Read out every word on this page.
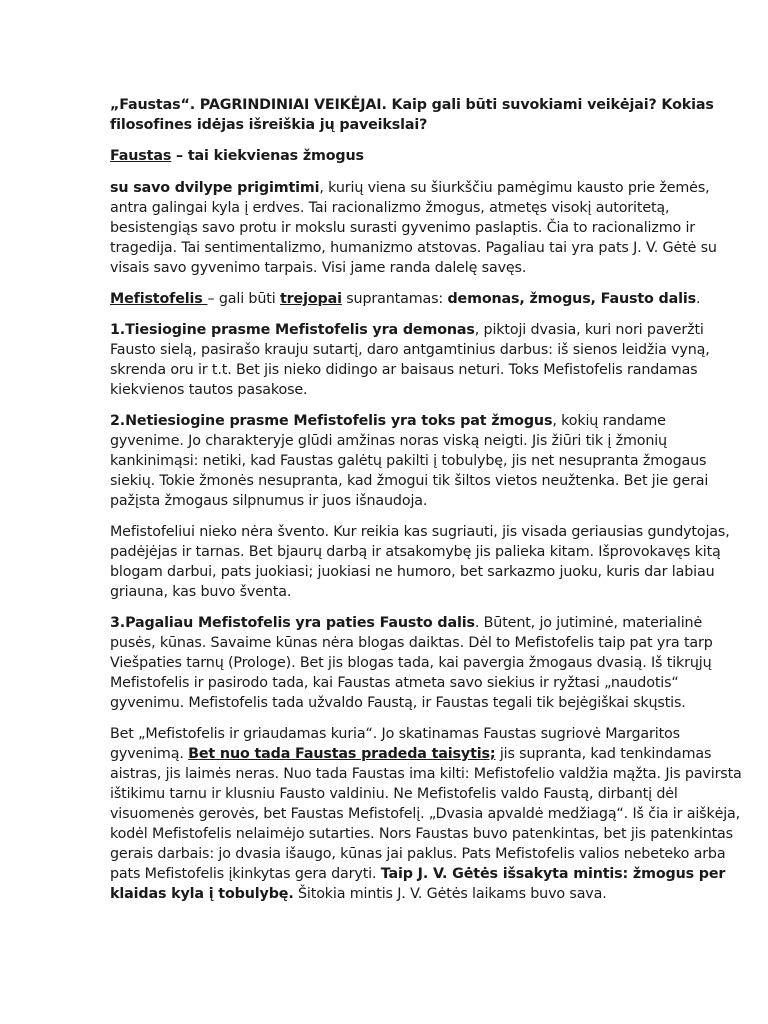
„Faustas“. PAGRINDINIAI VEIKĖJAI. Kaip gali būti suvokiami veikėjai? Kokias filosofines idėjas išreiškia jų paveikslai?

Faustas – tai kiekvienas žmogus

su savo dvilype prigimtimi, kurių viena su šiurkščiu pamėgimu kausto prie žemės, antra galingai kyla į erdves. Tai racionalizmo žmogus, atmetęs visokį autoritetą, besistengiąs savo protu ir mokslu surasti gyvenimo paslaptis. Čia to racionalizmo ir tragedija. Tai sentimentalizmo, humanizmo atstovas. Pagaliau tai yra pats J. V. Gėtė su visais savo gyvenimo tarpais. Visi jame randa dalelę savęs.

Mefistofelis – gali būti trejopai suprantamas: demonas, žmogus, Fausto dalis.

1.Tiesiogine prasme Mefistofelis yra demonas, piktoji dvasia, kuri nori paveržti Fausto sielą, pasirašo krauju sutartį, daro antgamtinius darbus: iš sienos leidžia vyną, skrenda oru ir t.t. Bet jis nieko didingo ar baisaus neturi. Toks Mefistofelis randamas kiekvienos tautos pasakose.

2.Netiesiogine prasme Mefistofelis yra toks pat žmogus, kokių randame gyvenime. Jo charakteryje glūdi amžinas noras viską neigti. Jis žiūri tik į žmonių kankinimąsi: netiki, kad Faustas galėtų pakilti į tobulybę, jis net nesupranta žmogaus siekių. Tokie žmonės nesupranta, kad žmogui tik šiltos vietos neužtenka. Bet jie gerai pažįsta žmogaus silpnumus ir juos išnaudoja.

Mefistofeliui nieko nėra švento. Kur reikia kas sugriauti, jis visada geriausias gundytojas, padėjėjas ir tarnas. Bet bjaurų darbą ir atsakomybę jis palieka kitam. Išprovokavęs kitą blogam darbui, pats juokiasi; juokiasi ne humoro, bet sarkazmo juoku, kuris dar labiau griauna, kas buvo šventa.

3.Pagaliau Mefistofelis yra paties Fausto dalis. Būtent, jo jutiminė, materialinė pusės, kūnas. Savaime kūnas nėra blogas daiktas. Dėl to Mefistofelis taip pat yra tarp Viešpaties tarnų (Prologe). Bet jis blogas tada, kai pavergia žmogaus dvasią. Iš tikrųjų Mefistofelis ir pasirodo tada, kai Faustas atmeta savo siekius ir ryžtasi „naudotis“ gyvenimu. Mefistofelis tada užvaldo Faustą, ir Faustas tegali tik bejėgiškai skųstis.

Bet „Mefistofelis ir griaudamas kuria“. Jo skatinamas Faustas sugriovė Margaritos gyvenimą. Bet nuo tada Faustas pradeda taisytis; jis supranta, kad tenkindamas aistras, jis laimės neras. Nuo tada Faustas ima kilti: Mefistofelio valdžia mąžta. Jis pavirsta ištikimu tarnu ir klusniu Fausto valdiniu. Ne Mefistofelis valdo Faustą, dirbantį dėl visuomenės gerovės, bet Faustas Mefistofelį. „Dvasia apvaldė medžiagą“. Iš čia ir aiškėja, kodėl Mefistofelis nelaimėjo sutarties. Nors Faustas buvo patenkintas, bet jis patenkintas gerais darbais: jo dvasia išaugo, kūnas jai paklus. Pats Mefistofelis valios nebeteko arba pats Mefistofelis įkinkytas gera daryti. Taip J. V. Gėtės išsakyta mintis: žmogus per klaidas kyla į tobulybę. Šitokia mintis J. V. Gėtės laikams buvo sava.
